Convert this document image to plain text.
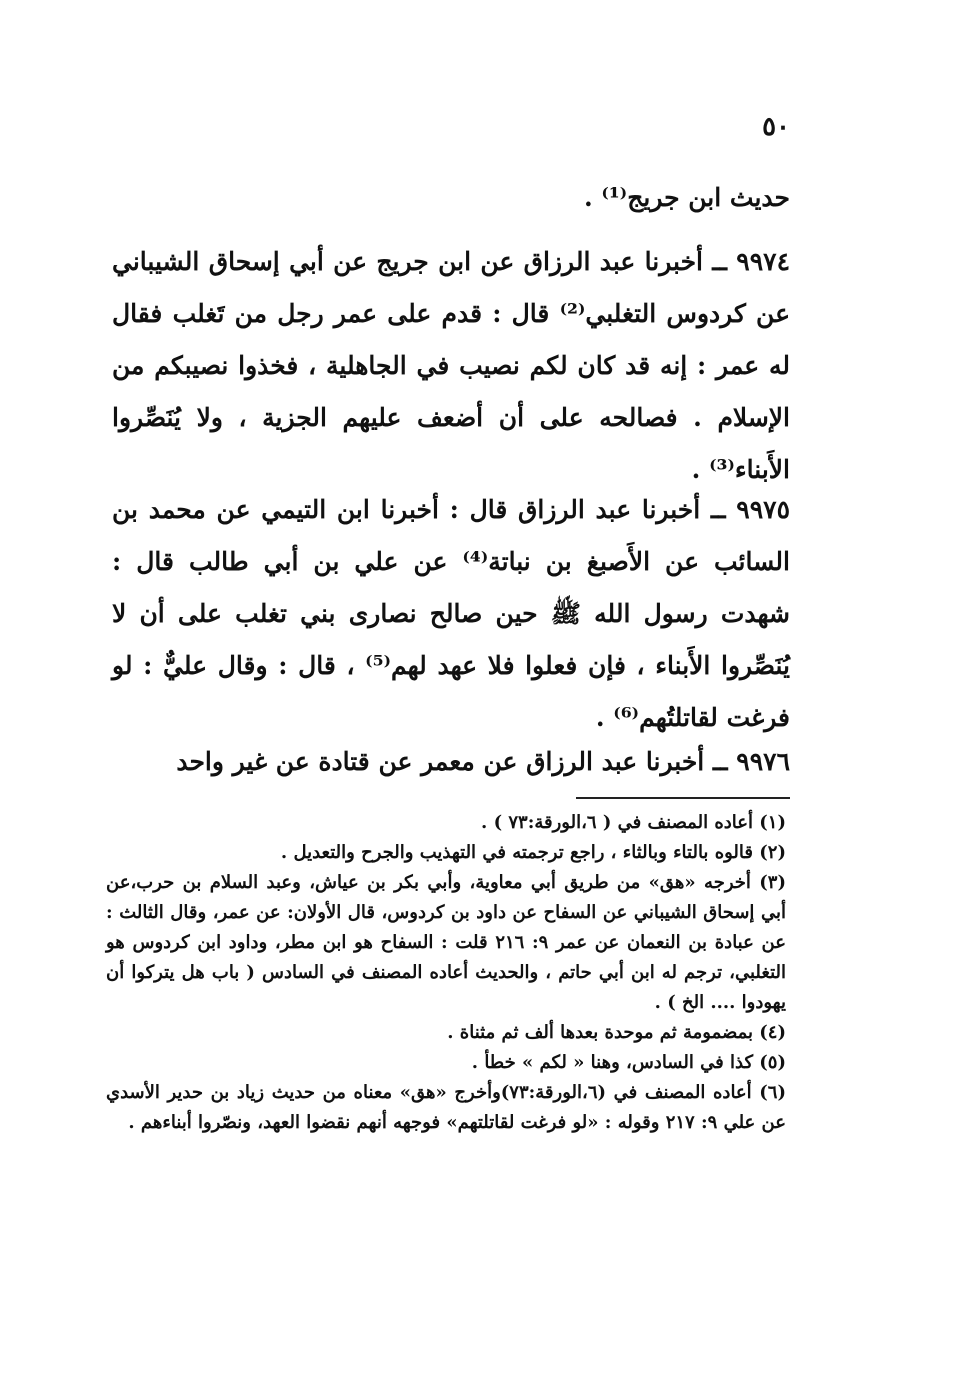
٥٠
حديث ابن جريج⁽¹⁾ .
٩٩٧٤ ــ أخبرنا عبد الرزاق عن ابن جريج عن أبي إسحاق الشيباني عن كردوس التغلبي⁽²⁾ قال : قدم على عمر رجل من تَغلب فقال له عمر : إنه قد كان لكم نصيب في الجاهلية ، فخذوا نصيبكم من الإسلام . فصالحه على أن أضعف عليهم الجزية ، ولا يُنَصِّروا الأَبناء⁽³⁾ .
٩٩٧٥ ــ أخبرنا عبد الرزاق قال : أخبرنا ابن التيمي عن محمد بن السائب عن الأَصبغ بن نباتة⁽⁴⁾ عن علي بن أبي طالب قال : شهدت رسول الله ﷺ حين صالح نصارى بني تغلب على أن لا يُنَصِّروا الأَبناء ، فإن فعلوا فلا عهد لهم⁽⁵⁾ ، قال : وقال عليٌّ : لو فرغت لقاتلتُهم⁽⁶⁾ .
٩٩٧٦ ــ أخبرنا عبد الرزاق عن معمر عن قتادة عن غير واحد

(١) أعاده المصنف في ( ٦،الورقة:٧٣ ) .

(٢) قالوه بالتاء وبالثاء ، راجع ترجمته في التهذيب والجرح والتعديل .

(٣) أخرجه «هق» من طريق أبي معاوية، وأبي بكر بن عياش، وعبد السلام بن حرب،عن أبي إسحاق الشيباني عن السفاح عن داود بن كردوس، قال الأولان: عن عمر، وقال الثالث : عن عبادة بن النعمان عن عمر ٩: ٢١٦ قلت : السفاح هو ابن مطر، وداود ابن كردوس هو التغلبي، ترجم له ابن أبي حاتم ، والحديث أعاده المصنف في السادس ( باب هل يتركوا أن يهودوا .... الخ ) .

(٤) بمضمومة ثم موحدة بعدها ألف ثم مثناة .

(٥) كذا في السادس، وهنا « لكم » خطأ .

(٦) أعاده المصنف في (٦،الورقة:٧٣)وأخرج «هق» معناه من حديث زياد بن حدير الأسدي عن علي ٩: ٢١٧ وقوله : «لو فرغت لقاتلتهم» فوجهه أنهم نقضوا العهد، ونصّروا أبناءهم .
